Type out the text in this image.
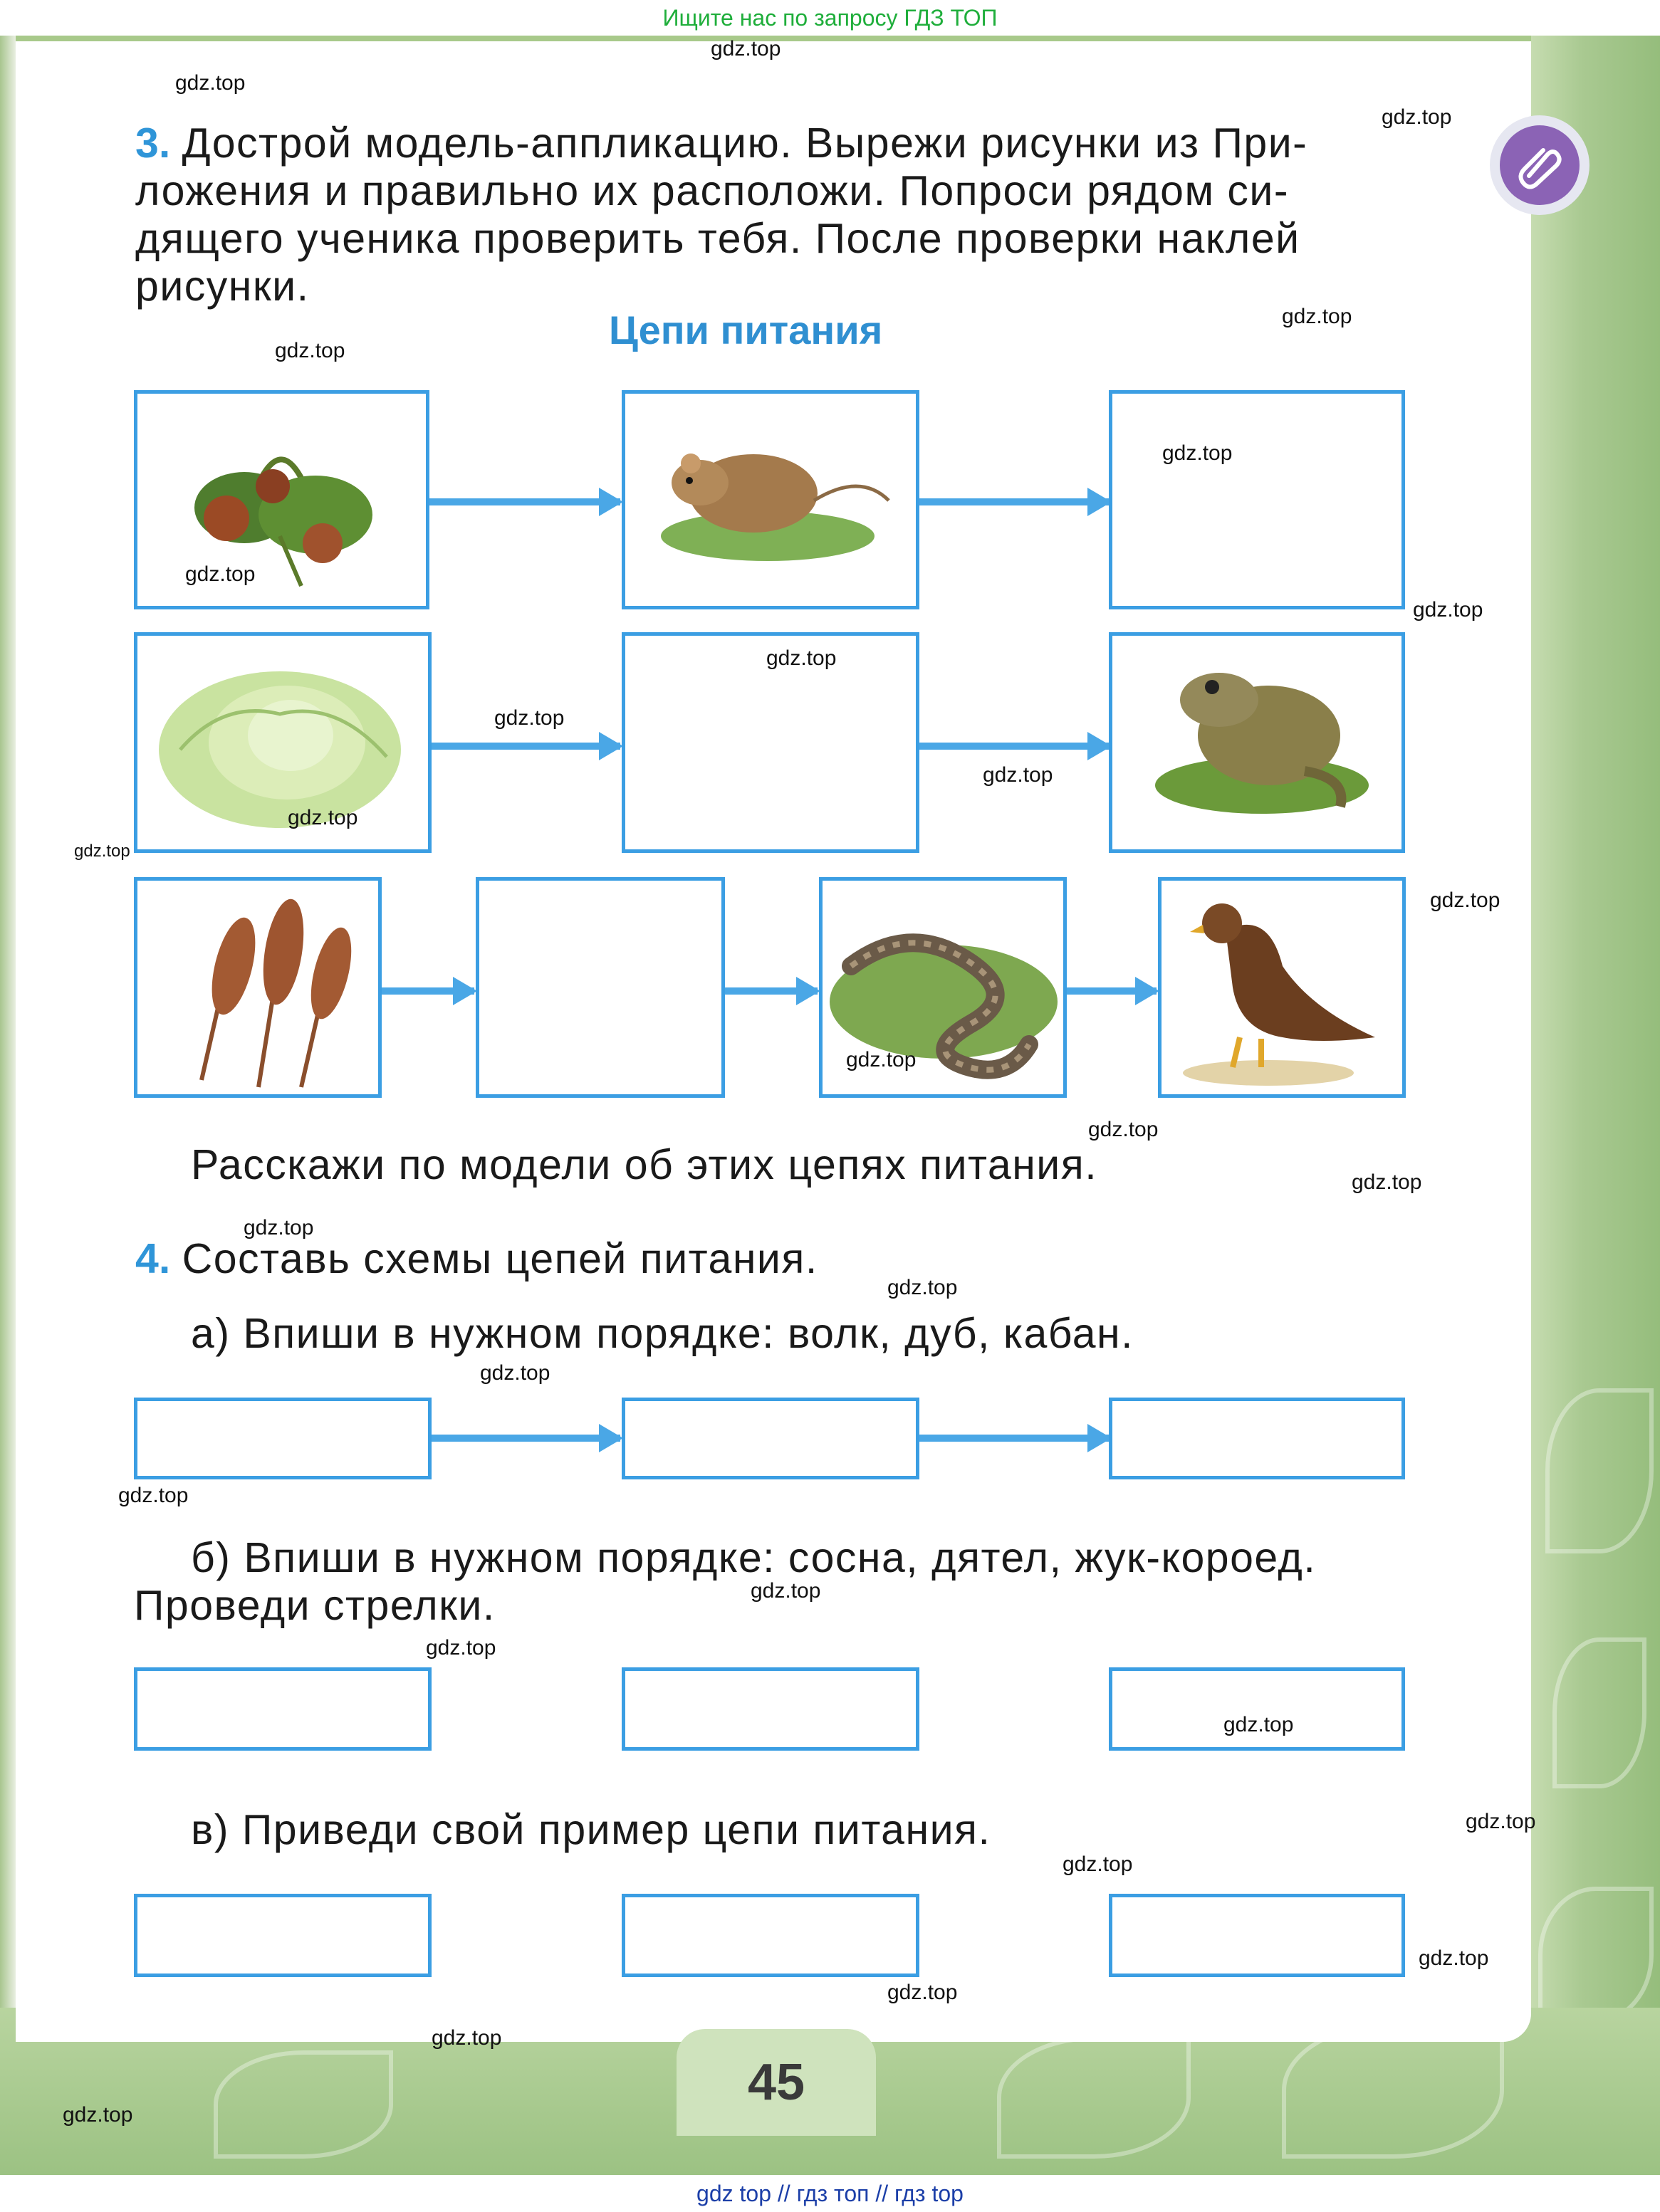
Ищите нас по запросу ГДЗ ТОП
3. Дострой модель-аппликацию. Вырежи рисунки из При-
ложения и правильно их расположи. Попроси рядом си-
дящего ученика проверить тебя. После проверки наклей
рисунки.
Цепи питания
Расскажи по модели об этих цепях питания.
4. Составь схемы цепей питания.
а) Впиши в нужном порядке: волк, дуб, кабан.
б) Впиши в нужном порядке: сосна, дятел, жук-короед.
Проведи стрелки.
в) Приведи свой пример цепи питания.
45
gdz.top
gdz.top
gdz.top
gdz.top
gdz.top
gdz.top
gdz.top
gdz.top
gdz.top
gdz.top
gdz.top
gdz.top
gdz.top
gdz.top
gdz.top
gdz.top
gdz.top
gdz.top
gdz.top
gdz.top
gdz.top
gdz.top
gdz.top
gdz.top
gdz.top
gdz.top
gdz.top
gdz.top
gdz.top
gdz.top
gdz top // гдз топ // гдз top
